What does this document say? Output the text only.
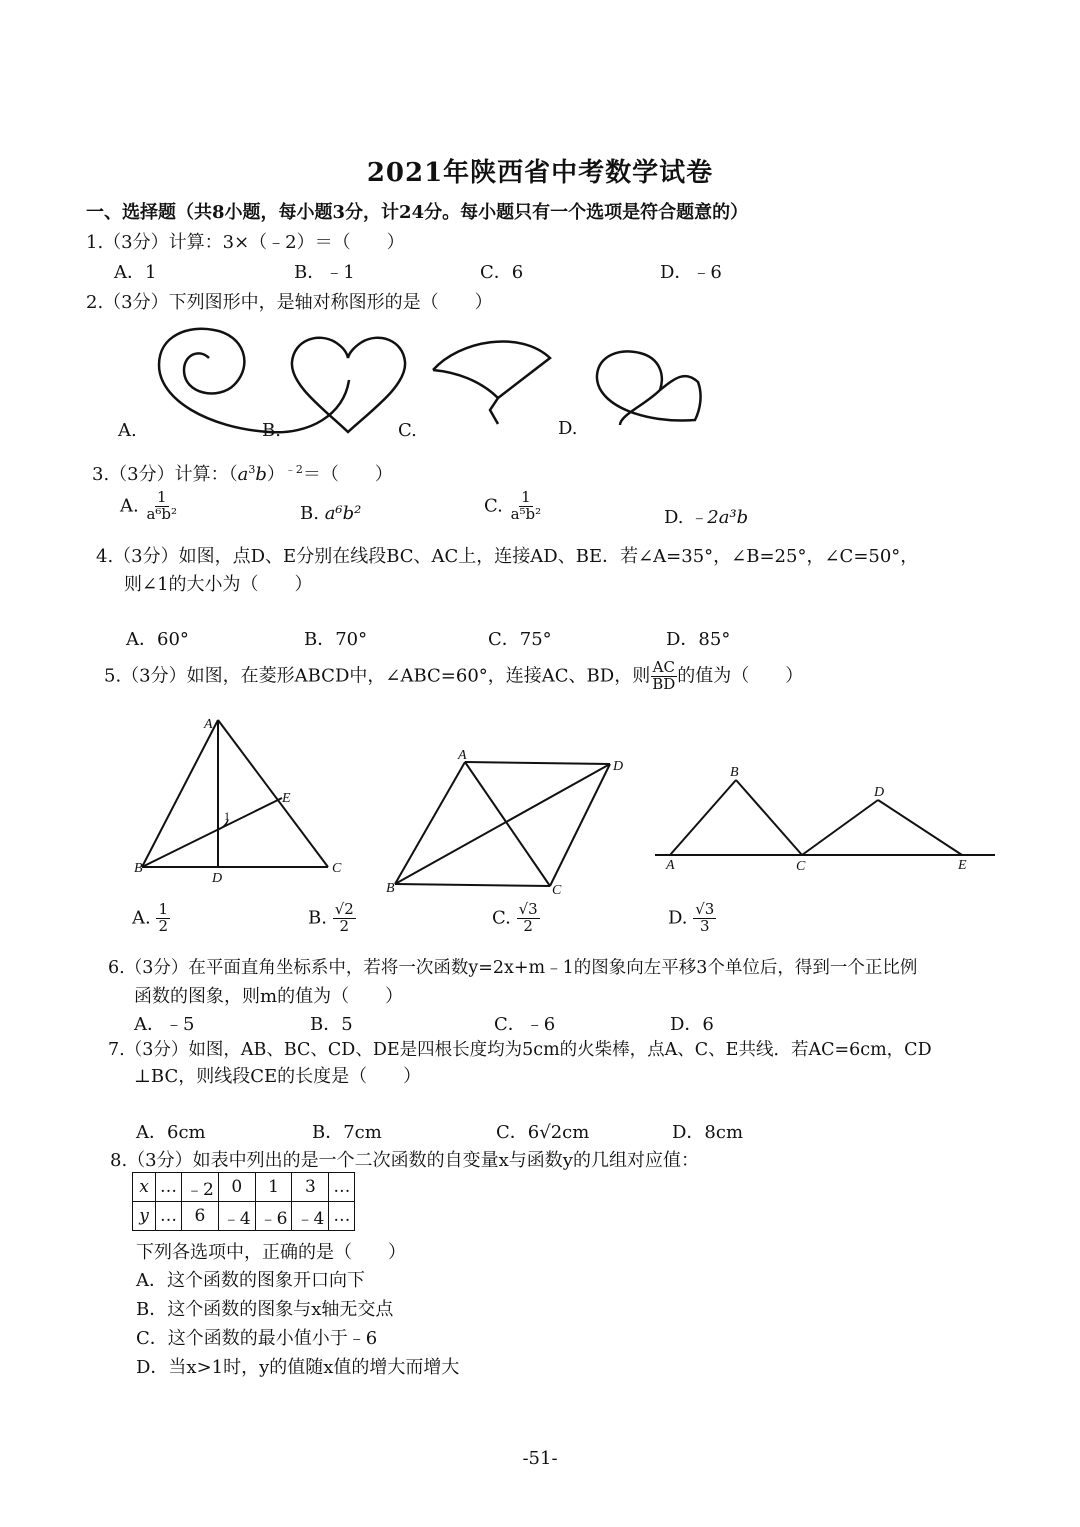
2021年陕西省中考数学试卷
一、选择题（共8小题，每小题3分，计24分。每小题只有一个选项是符合题意的）
1.（3分）计算：3×（﹣2）＝（　　）
A．1	B．﹣1	C．6	D．﹣6
2.（3分）下列图形中，是轴对称图形的是（　　）
A.	B.	C.	D.
3.（3分）计算：$(a^3b)^{﹣2}=$（　　）
A. $\frac{1}{\text{a⁶b²}}$	B. a⁶b²	C. $\frac{1}{\text{a⁵b²}}$	D. ﹣2a³b
4.（3分）如图，点D、E分别在线段BC、AC上，连接AD、BE．若∠A=35°，∠B=25°，∠C=50°，
则∠1的大小为（　　）
A．60°	B．70°	C．75°	D．85°
5.（3分）如图，在菱形ABCD中，∠ABC=60°，连接AC、BD，则 $\frac{AC}{BD}$ 的值为（　　）
A
B	C
D
E
1
A
B	C
D
A
B
C
D
E
A. $\frac{1}{2}$	B. $\frac{√2}{2}$	C. $\frac{√3}{2}$	D. $\frac{√3}{3}$
6.（3分）在平面直角坐标系中，若将一次函数y=2x+m﹣1的图象向左平移3个单位后，得到一个正比例
函数的图象，则m的值为（　　）
A．﹣5	B．5	C．﹣6	D．6
7.（3分）如图，AB、BC、CD、DE是四根长度均为5cm的火柴棒，点A、C、E共线．若AC=6cm，CD
⊥BC，则线段CE的长度是（　　）
A．6cm	B．7cm	C．6√2cm	D．8cm
8.（3分）如表中列出的是一个二次函数的自变量x与函数y的几组对应值：
x	…	﹣2	0	1	3	…
y	…	6	﹣4	﹣6	﹣4	…
下列各选项中，正确的是（　　）
A．这个函数的图象开口向下
B．这个函数的图象与x轴无交点
C．这个函数的最小值小于﹣6
D．当x>1时，y的值随x值的增大而增大
-51-
